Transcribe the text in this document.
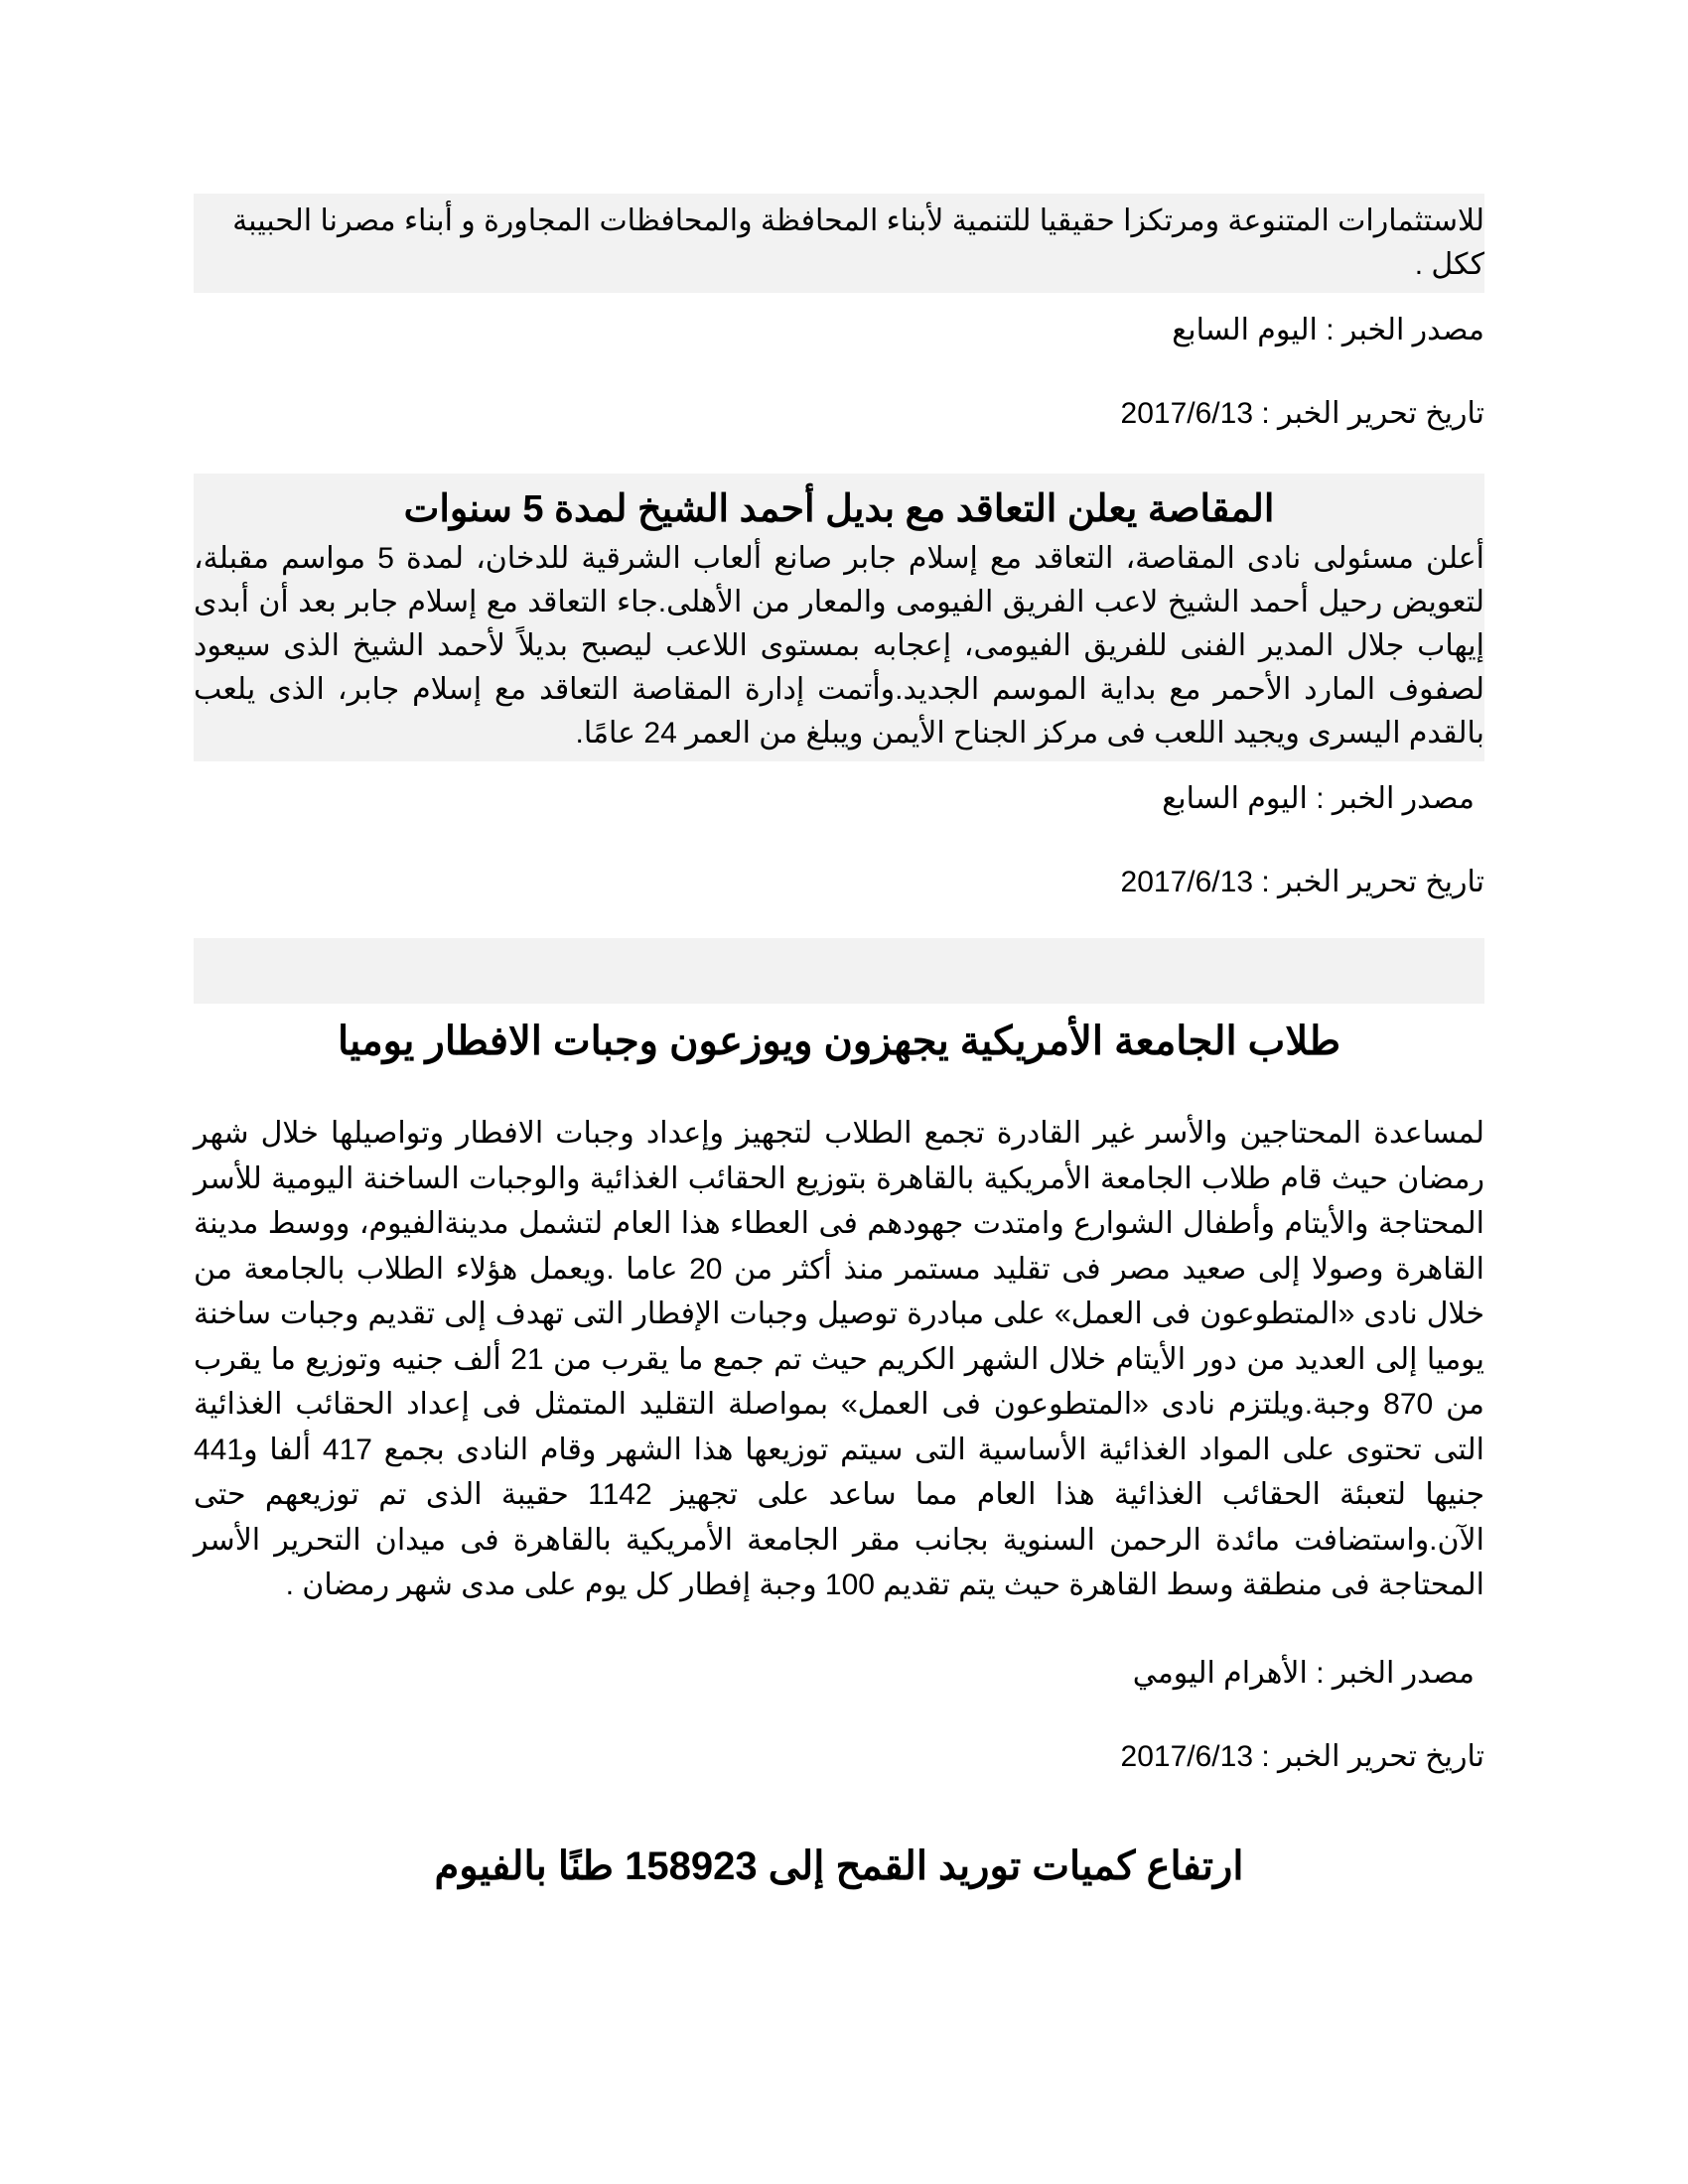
للاستثمارات المتنوعة ومرتكزا حقيقيا للتنمية لأبناء المحافظة والمحافظات المجاورة و أبناء مصرنا الحبيبة ككل .
مصدر الخبر : اليوم السابع
تاريخ تحرير الخبر : 2017/6/13
المقاصة يعلن التعاقد مع بديل أحمد الشيخ لمدة 5 سنوات
أعلن مسئولى نادى المقاصة، التعاقد مع إسلام جابر صانع ألعاب الشرقية للدخان، لمدة 5 مواسم مقبلة، لتعويض رحيل أحمد الشيخ لاعب الفريق الفيومى والمعار من الأهلى.جاء التعاقد مع إسلام جابر بعد أن أبدى إيهاب جلال المدير الفنى للفريق الفيومى، إعجابه بمستوى اللاعب ليصبح بديلاً لأحمد الشيخ الذى سيعود لصفوف المارد الأحمر مع بداية الموسم الجديد.وأتمت إدارة المقاصة التعاقد مع إسلام جابر، الذى يلعب بالقدم اليسرى ويجيد اللعب فى مركز الجناح الأيمن ويبلغ من العمر 24 عامًا.
مصدر الخبر : اليوم السابع
تاريخ تحرير الخبر : 2017/6/13
طلاب الجامعة الأمريكية يجهزون ويوزعون وجبات الافطار يوميا
لمساعدة المحتاجين والأسر غير القادرة تجمع الطلاب لتجهيز وإعداد وجبات الافطار وتواصيلها خلال شهر رمضان حيث قام طلاب الجامعة الأمريكية بالقاهرة بتوزيع الحقائب الغذائية والوجبات الساخنة اليومية للأسر المحتاجة والأيتام وأطفال الشوارع وامتدت جهودهم فى العطاء هذا العام لتشمل مدينةالفيوم، ووسط مدينة القاهرة وصولا إلى صعيد مصر فى تقليد مستمر منذ أكثر من 20 عاما .ويعمل هؤلاء الطلاب بالجامعة من خلال نادى «المتطوعون فى العمل» على مبادرة توصيل وجبات الإفطار التى تهدف إلى تقديم وجبات ساخنة يوميا إلى العديد من دور الأيتام خلال الشهر الكريم حيث تم جمع ما يقرب من 21 ألف جنيه وتوزيع ما يقرب من 870 وجبة.ويلتزم نادى «المتطوعون فى العمل» بمواصلة التقليد المتمثل فى إعداد الحقائب الغذائية التى تحتوى على المواد الغذائية الأساسية التى سيتم توزيعها هذا الشهر وقام النادى بجمع 417 ألفا و441 جنيها لتعبئة الحقائب الغذائية هذا العام مما ساعد على تجهيز 1142 حقيبة الذى تم توزيعهم حتى الآن.واستضافت مائدة الرحمن السنوية بجانب مقر الجامعة الأمريكية بالقاهرة فى ميدان التحرير الأسر المحتاجة فى منطقة وسط القاهرة حيث يتم تقديم 100 وجبة إفطار كل يوم على مدى شهر رمضان .
مصدر الخبر : الأهرام اليومي
تاريخ تحرير الخبر : 2017/6/13
ارتفاع كميات توريد القمح إلى 158923 طنًا بالفيوم
